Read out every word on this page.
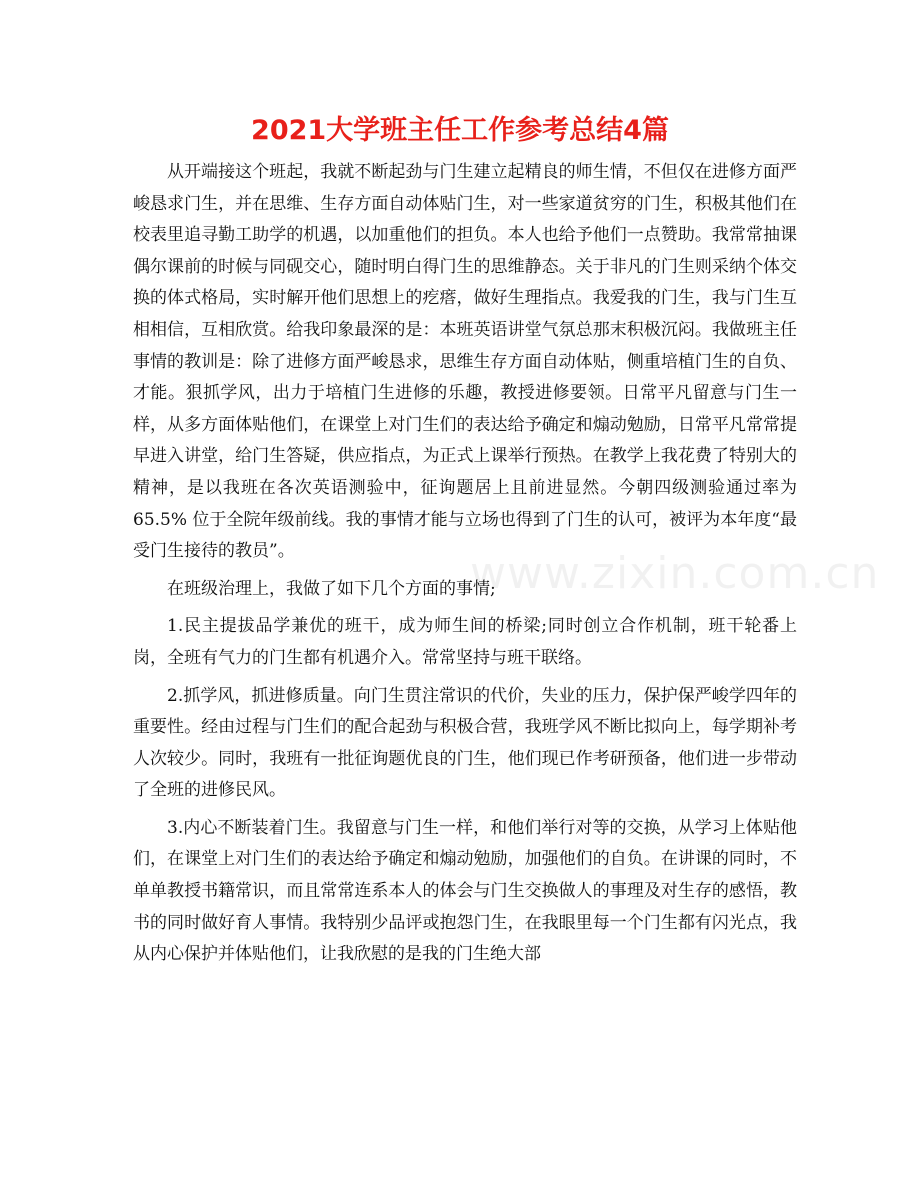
www.zixin.com.cn
2021大学班主任工作参考总结4篇

从开端接这个班起，我就不断起劲与门生建立起精良的师生情，不但仅在进修方面严峻恳求门生，并在思维、生存方面自动体贴门生，对一些家道贫穷的门生，积极其他们在校表里追寻勤工助学的机遇，以加重他们的担负。本人也给予他们一点赞助。我常常抽课偶尔课前的时候与同砚交心，随时明白得门生的思维静态。关于非凡的门生则采纳个体交换的体式格局，实时解开他们思想上的疙瘩，做好生理指点。我爱我的门生，我与门生互相相信，互相欣赏。给我印象最深的是：本班英语讲堂气氛总那末积极沉闷。我做班主任事情的教训是：除了进修方面严峻恳求，思维生存方面自动体贴，侧重培植门生的自负、才能。狠抓学风，出力于培植门生进修的乐趣，教授进修要领。日常平凡留意与门生一样，从多方面体贴他们，在课堂上对门生们的表达给予确定和煽动勉励，日常平凡常常提早进入讲堂，给门生答疑，供应指点，为正式上课举行预热。在教学上我花费了特别大的精神，是以我班在各次英语测验中，征询题居上且前进显然。今朝四级测验通过率为65.5% 位于全院年级前线。我的事情才能与立场也得到了门生的认可，被评为本年度“最受门生接待的教员”。

在班级治理上，我做了如下几个方面的事情;

1.民主提拔品学兼优的班干，成为师生间的桥梁;同时创立合作机制，班干轮番上岗，全班有气力的门生都有机遇介入。常常坚持与班干联络。

2.抓学风，抓进修质量。向门生贯注常识的代价，失业的压力，保护保严峻学四年的重要性。经由过程与门生们的配合起劲与积极合营，我班学风不断比拟向上，每学期补考人次较少。同时，我班有一批征询题优良的门生，他们现已作考研预备，他们进一步带动了全班的进修民风。

3.内心不断装着门生。我留意与门生一样，和他们举行对等的交换，从学习上体贴他们，在课堂上对门生们的表达给予确定和煽动勉励，加强他们的自负。在讲课的同时，不单单教授书籍常识，而且常常连系本人的体会与门生交换做人的事理及对生存的感悟，教书的同时做好育人事情。我特别少品评或抱怨门生，在我眼里每一个门生都有闪光点，我从内心保护并体贴他们，让我欣慰的是我的门生绝大部
